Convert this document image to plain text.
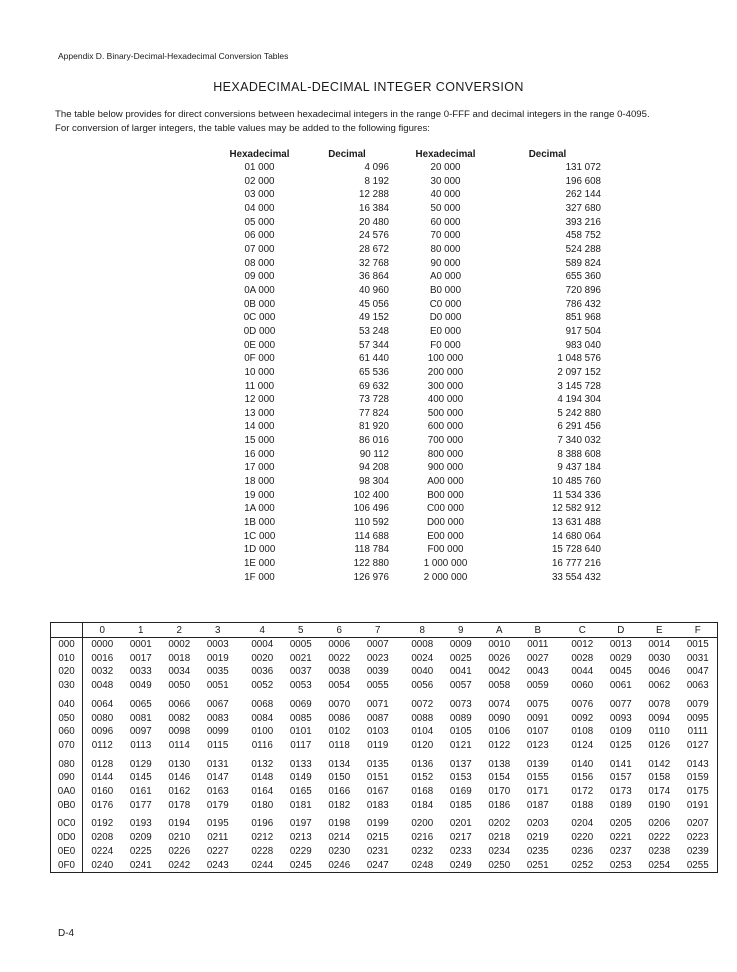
Appendix D. Binary-Decimal-Hexadecimal Conversion Tables
HEXADECIMAL-DECIMAL INTEGER CONVERSION
The table below provides for direct conversions between hexadecimal integers in the range 0-FFF and decimal integers in the range 0-4095. For conversion of larger integers, the table values may be added to the following figures:
Hexadecimal	Decimal	Hexadecimal	Decimal
01 000	4 096	20 000	131 072
02 000	8 192	30 000	196 608
03 000	12 288	40 000	262 144
04 000	16 384	50 000	327 680
05 000	20 480	60 000	393 216
06 000	24 576	70 000	458 752
07 000	28 672	80 000	524 288
08 000	32 768	90 000	589 824
09 000	36 864	A0 000	655 360
0A 000	40 960	B0 000	720 896
0B 000	45 056	C0 000	786 432
0C 000	49 152	D0 000	851 968
0D 000	53 248	E0 000	917 504
0E 000	57 344	F0 000	983 040
0F 000	61 440	100 000	1 048 576
10 000	65 536	200 000	2 097 152
11 000	69 632	300 000	3 145 728
12 000	73 728	400 000	4 194 304
13 000	77 824	500 000	5 242 880
14 000	81 920	600 000	6 291 456
15 000	86 016	700 000	7 340 032
16 000	90 112	800 000	8 388 608
17 000	94 208	900 000	9 437 184
18 000	98 304	A00 000	10 485 760
19 000	102 400	B00 000	11 534 336
1A 000	106 496	C00 000	12 582 912
1B 000	110 592	D00 000	13 631 488
1C 000	114 688	E00 000	14 680 064
1D 000	118 784	F00 000	15 728 640
1E 000	122 880	1 000 000	16 777 216
1F 000	126 976	2 000 000	33 554 432
	0	1	2	3	4	5	6	7	8	9	A	B	C	D	E	F
000	0000	0001	0002	0003	0004	0005	0006	0007	0008	0009	0010	0011	0012	0013	0014	0015
010	0016	0017	0018	0019	0020	0021	0022	0023	0024	0025	0026	0027	0028	0029	0030	0031
020	0032	0033	0034	0035	0036	0037	0038	0039	0040	0041	0042	0043	0044	0045	0046	0047
030	0048	0049	0050	0051	0052	0053	0054	0055	0056	0057	0058	0059	0060	0061	0062	0063
040	0064	0065	0066	0067	0068	0069	0070	0071	0072	0073	0074	0075	0076	0077	0078	0079
050	0080	0081	0082	0083	0084	0085	0086	0087	0088	0089	0090	0091	0092	0093	0094	0095
060	0096	0097	0098	0099	0100	0101	0102	0103	0104	0105	0106	0107	0108	0109	0110	0111
070	0112	0113	0114	0115	0116	0117	0118	0119	0120	0121	0122	0123	0124	0125	0126	0127
080	0128	0129	0130	0131	0132	0133	0134	0135	0136	0137	0138	0139	0140	0141	0142	0143
090	0144	0145	0146	0147	0148	0149	0150	0151	0152	0153	0154	0155	0156	0157	0158	0159
0A0	0160	0161	0162	0163	0164	0165	0166	0167	0168	0169	0170	0171	0172	0173	0174	0175
0B0	0176	0177	0178	0179	0180	0181	0182	0183	0184	0185	0186	0187	0188	0189	0190	0191
0C0	0192	0193	0194	0195	0196	0197	0198	0199	0200	0201	0202	0203	0204	0205	0206	0207
0D0	0208	0209	0210	0211	0212	0213	0214	0215	0216	0217	0218	0219	0220	0221	0222	0223
0E0	0224	0225	0226	0227	0228	0229	0230	0231	0232	0233	0234	0235	0236	0237	0238	0239
0F0	0240	0241	0242	0243	0244	0245	0246	0247	0248	0249	0250	0251	0252	0253	0254	0255
D-4
